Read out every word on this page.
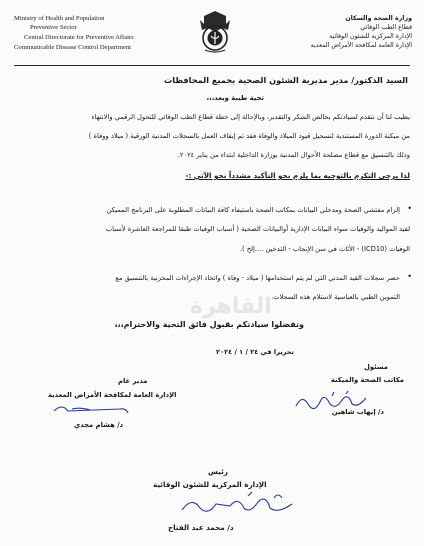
Ministry of Health and Population
Preventive Sector
Central Directorate for Preventive Affairs
Communicable Disease Control Department
وزارة الصحة والسكان
قطاع الطب الوقائي
الإدارة المركزية للشئون الوقائية
الإدارة العامة لمكافحة الأمراض المعدية
السيد الدكتور/ مدير مديرية الشئون الصحية بجميع المحافظات
تحية طيبة وبعد،،،
يطيب لنا أن نتقدم لسيادتكم بخالص الشكر والتقدير، وبالإحالة إلى خطة قطاع الطب الوقائي للتحول الرقمي والانتهاء
من ميكنة الدورة المستندية لتسجيل قيود الميلاد والوفاة فقد تم إيقاف العمل بالسجلات المدنية الورقية ( ميلاد ووفاة )
وذلك بالتنسيق مع قطاع مصلحة الأحوال المدنية بوزارة الداخلية ابتداء من يناير ٢٠٢٤.
لذا يرجى التكرم بالتوجيه بما يلزم نحو التأكيد مشدداً نحو الآتي :-
•
إلزام مفتشي الصحة ومدخلي البيانات بمكاتب الصحة باستيفاء كافة البيانات المطلوبة على البرنامج المميكن
لقيد المواليد والوفيات سواء البيانات الإدارية أوالبيانات الصحية ( أسباب الوفيات طبقا للمراجعة العاشرة لأسباب
الوفيات (ICD10) - الأثاث في سن الإنجاب - التدخين ....إلخ ).
القاهرة
•
حصر سجلات القيد المدني التي لم يتم استخدامها ( ميلاد - وفاة ) واتخاذ الإجراءات المخزنية بالتنسيق مع
التموين الطبي بالعباسية لاستلام هذه السجلات.
وتفضلوا سيادتكم بقبول فائق التحية والاحترام،،،
تحريرا في ٢٤ / ١ / ٢٠٢٤
مسئول
مكاتب الصحة والميكنة
د/ إيهاب شاهين
مدير عام
الإدارة العامة لمكافحة الأمراض المعدية
د/ هشام مجدي
رئيس
الإدارة المركزية للشئون الوقائية
د/ محمد عبد الفتاح
